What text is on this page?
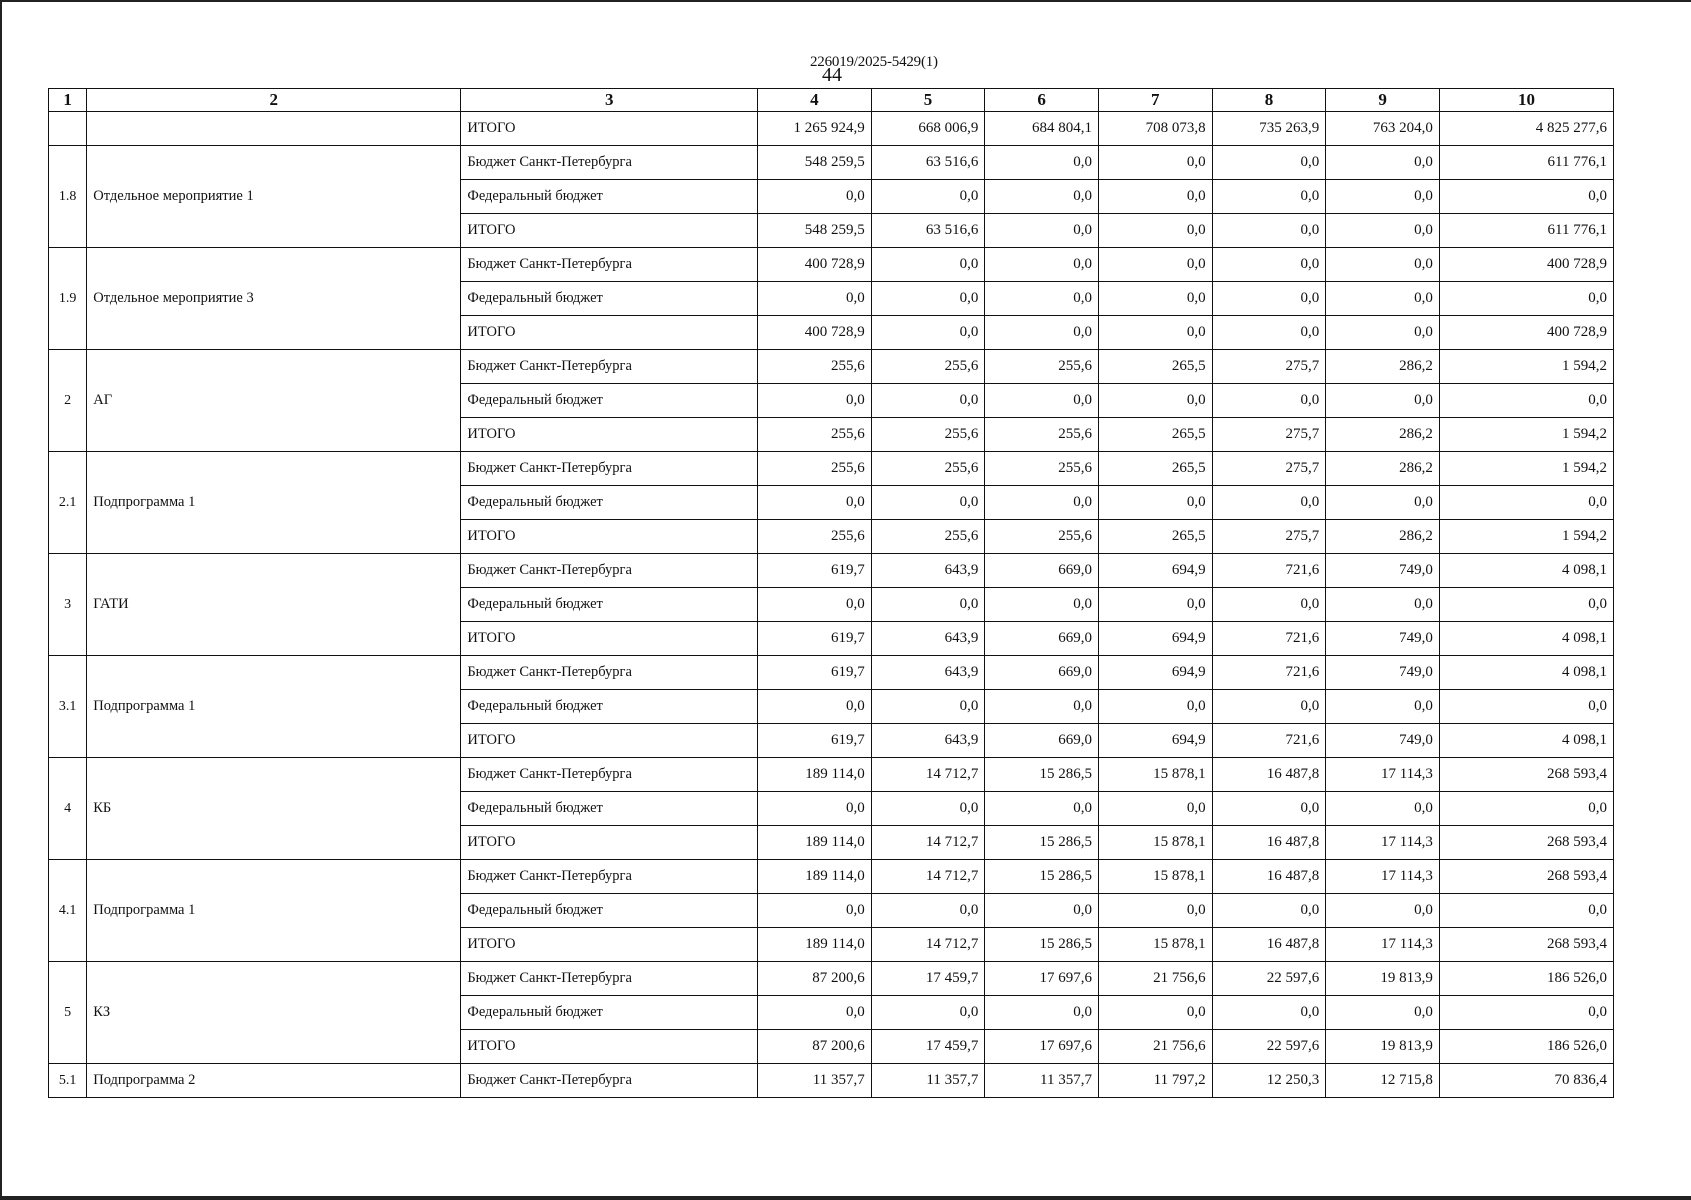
226019/2025-5429(1)
44
1	2	3	4	5	6	7	8	9	10
		ИТОГО	1 265 924,9	668 006,9	684 804,1	708 073,8	735 263,9	763 204,0	4 825 277,6
1.8	Отдельное мероприятие 1	Бюджет Санкт-Петербурга	548 259,5	63 516,6	0,0	0,0	0,0	0,0	611 776,1
		Федеральный бюджет	0,0	0,0	0,0	0,0	0,0	0,0	0,0
		ИТОГО	548 259,5	63 516,6	0,0	0,0	0,0	0,0	611 776,1
1.9	Отдельное мероприятие 3	Бюджет Санкт-Петербурга	400 728,9	0,0	0,0	0,0	0,0	0,0	400 728,9
		Федеральный бюджет	0,0	0,0	0,0	0,0	0,0	0,0	0,0
		ИТОГО	400 728,9	0,0	0,0	0,0	0,0	0,0	400 728,9
2	АГ	Бюджет Санкт-Петербурга	255,6	255,6	255,6	265,5	275,7	286,2	1 594,2
		Федеральный бюджет	0,0	0,0	0,0	0,0	0,0	0,0	0,0
		ИТОГО	255,6	255,6	255,6	265,5	275,7	286,2	1 594,2
2.1	Подпрограмма 1	Бюджет Санкт-Петербурга	255,6	255,6	255,6	265,5	275,7	286,2	1 594,2
		Федеральный бюджет	0,0	0,0	0,0	0,0	0,0	0,0	0,0
		ИТОГО	255,6	255,6	255,6	265,5	275,7	286,2	1 594,2
3	ГАТИ	Бюджет Санкт-Петербурга	619,7	643,9	669,0	694,9	721,6	749,0	4 098,1
		Федеральный бюджет	0,0	0,0	0,0	0,0	0,0	0,0	0,0
		ИТОГО	619,7	643,9	669,0	694,9	721,6	749,0	4 098,1
3.1	Подпрограмма 1	Бюджет Санкт-Петербурга	619,7	643,9	669,0	694,9	721,6	749,0	4 098,1
		Федеральный бюджет	0,0	0,0	0,0	0,0	0,0	0,0	0,0
		ИТОГО	619,7	643,9	669,0	694,9	721,6	749,0	4 098,1
4	КБ	Бюджет Санкт-Петербурга	189 114,0	14 712,7	15 286,5	15 878,1	16 487,8	17 114,3	268 593,4
		Федеральный бюджет	0,0	0,0	0,0	0,0	0,0	0,0	0,0
		ИТОГО	189 114,0	14 712,7	15 286,5	15 878,1	16 487,8	17 114,3	268 593,4
4.1	Подпрограмма 1	Бюджет Санкт-Петербурга	189 114,0	14 712,7	15 286,5	15 878,1	16 487,8	17 114,3	268 593,4
		Федеральный бюджет	0,0	0,0	0,0	0,0	0,0	0,0	0,0
		ИТОГО	189 114,0	14 712,7	15 286,5	15 878,1	16 487,8	17 114,3	268 593,4
5	КЗ	Бюджет Санкт-Петербурга	87 200,6	17 459,7	17 697,6	21 756,6	22 597,6	19 813,9	186 526,0
		Федеральный бюджет	0,0	0,0	0,0	0,0	0,0	0,0	0,0
		ИТОГО	87 200,6	17 459,7	17 697,6	21 756,6	22 597,6	19 813,9	186 526,0
5.1	Подпрограмма 2	Бюджет Санкт-Петербурга	11 357,7	11 357,7	11 357,7	11 797,2	12 250,3	12 715,8	70 836,4
